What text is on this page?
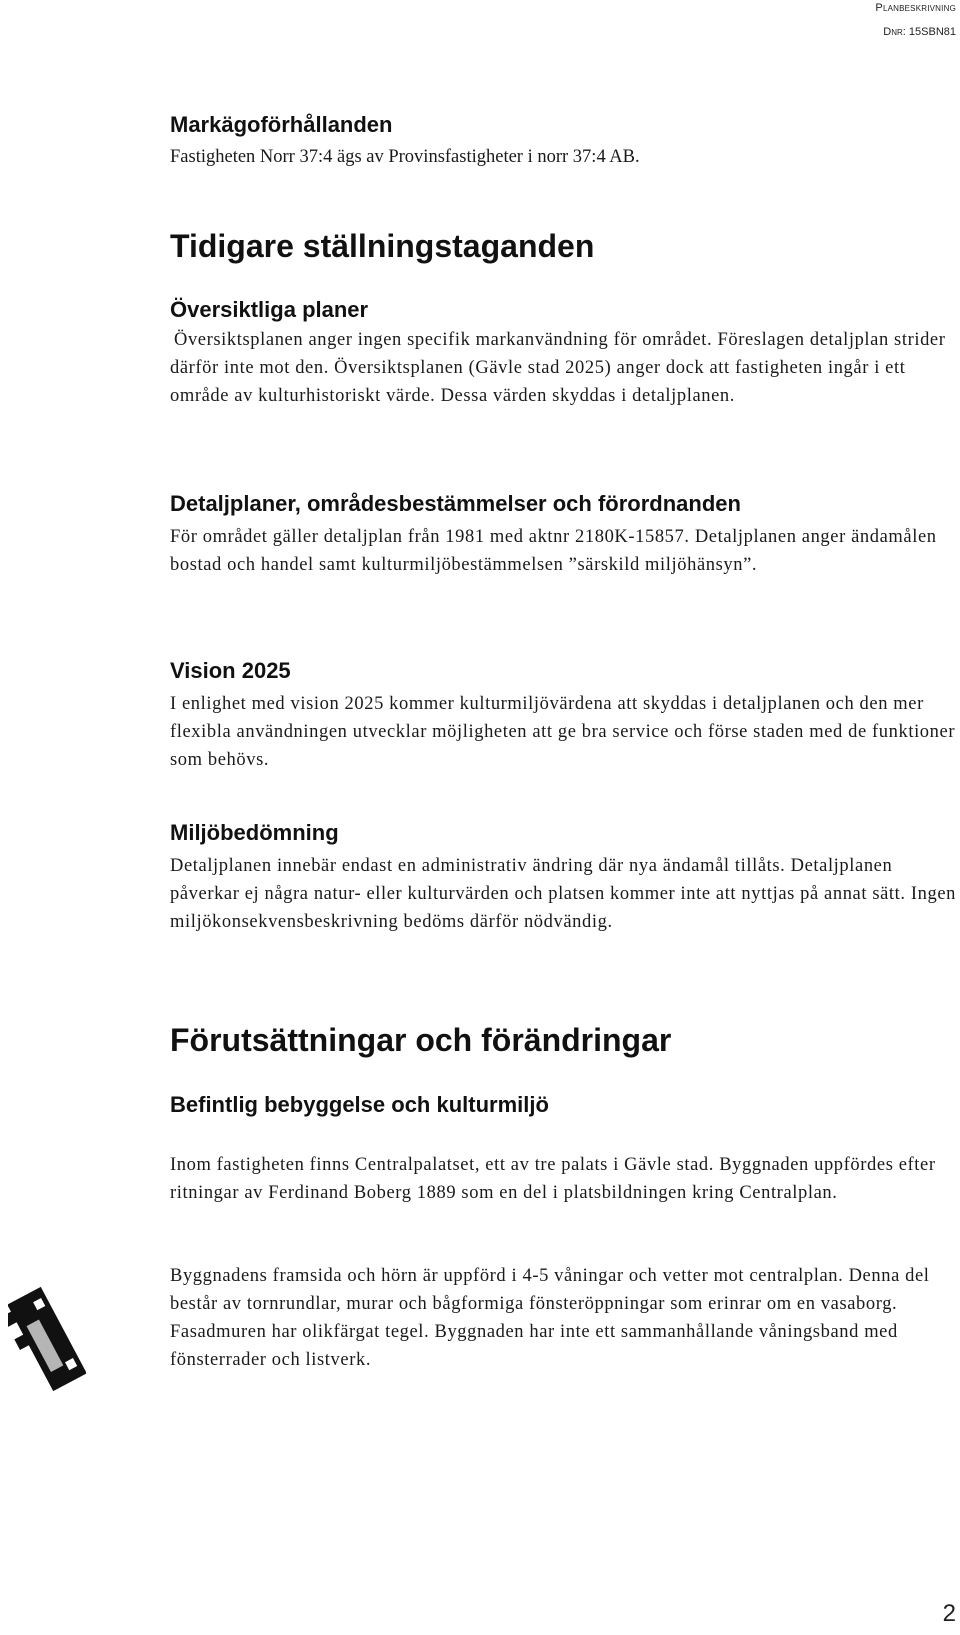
Planbeskrivning
Dnr: 15SBN81
Markägoförhållanden

Fastigheten Norr 37:4 ägs av Provinsfastigheter i norr 37:4 AB.

Tidigare ställningstaganden
Översiktliga planer

Översiktsplanen anger ingen specifik markanvändning för området. Föreslagen detaljplan strider därför inte mot den. Översiktsplanen (Gävle stad 2025) anger dock att fastigheten ingår i ett område av kulturhistoriskt värde. Dessa värden skyddas i detaljplanen.

Detaljplaner, områdesbestämmelser och förordnanden

För området gäller detaljplan från 1981 med aktnr 2180K-15857. Detaljplanen anger ändamålen bostad och handel samt kulturmiljöbestämmelsen ”särskild miljöhänsyn”.

Vision 2025

I enlighet med vision 2025 kommer kulturmiljövärdena att skyddas i detaljplanen och den mer flexibla användningen utvecklar möjligheten att ge bra service och förse staden med de funktioner som behövs.

Miljöbedömning

Detaljplanen innebär endast en administrativ ändring där nya ändamål tillåts. Detaljplanen påverkar ej några natur- eller kulturvärden och platsen kommer inte att nyttjas på annat sätt. Ingen miljökonsekvensbeskrivning bedöms därför nödvändig.

Förutsättningar och förändringar
Befintlig bebyggelse och kulturmiljö

Inom fastigheten finns Centralpalatset, ett av tre palats i Gävle stad. Byggnaden uppfördes efter ritningar av Ferdinand Boberg 1889 som en del i platsbildningen kring Centralplan.

Byggnadens framsida och hörn är uppförd i 4-5 våningar och vetter mot centralplan. Denna del består av tornrundlar, murar och bågformiga fönsteröppningar som erinrar om en vasaborg. Fasadmuren har olikfärgat tegel. Byggnaden har inte ett sammanhållande våningsband med fönsterrader och listverk.

2
